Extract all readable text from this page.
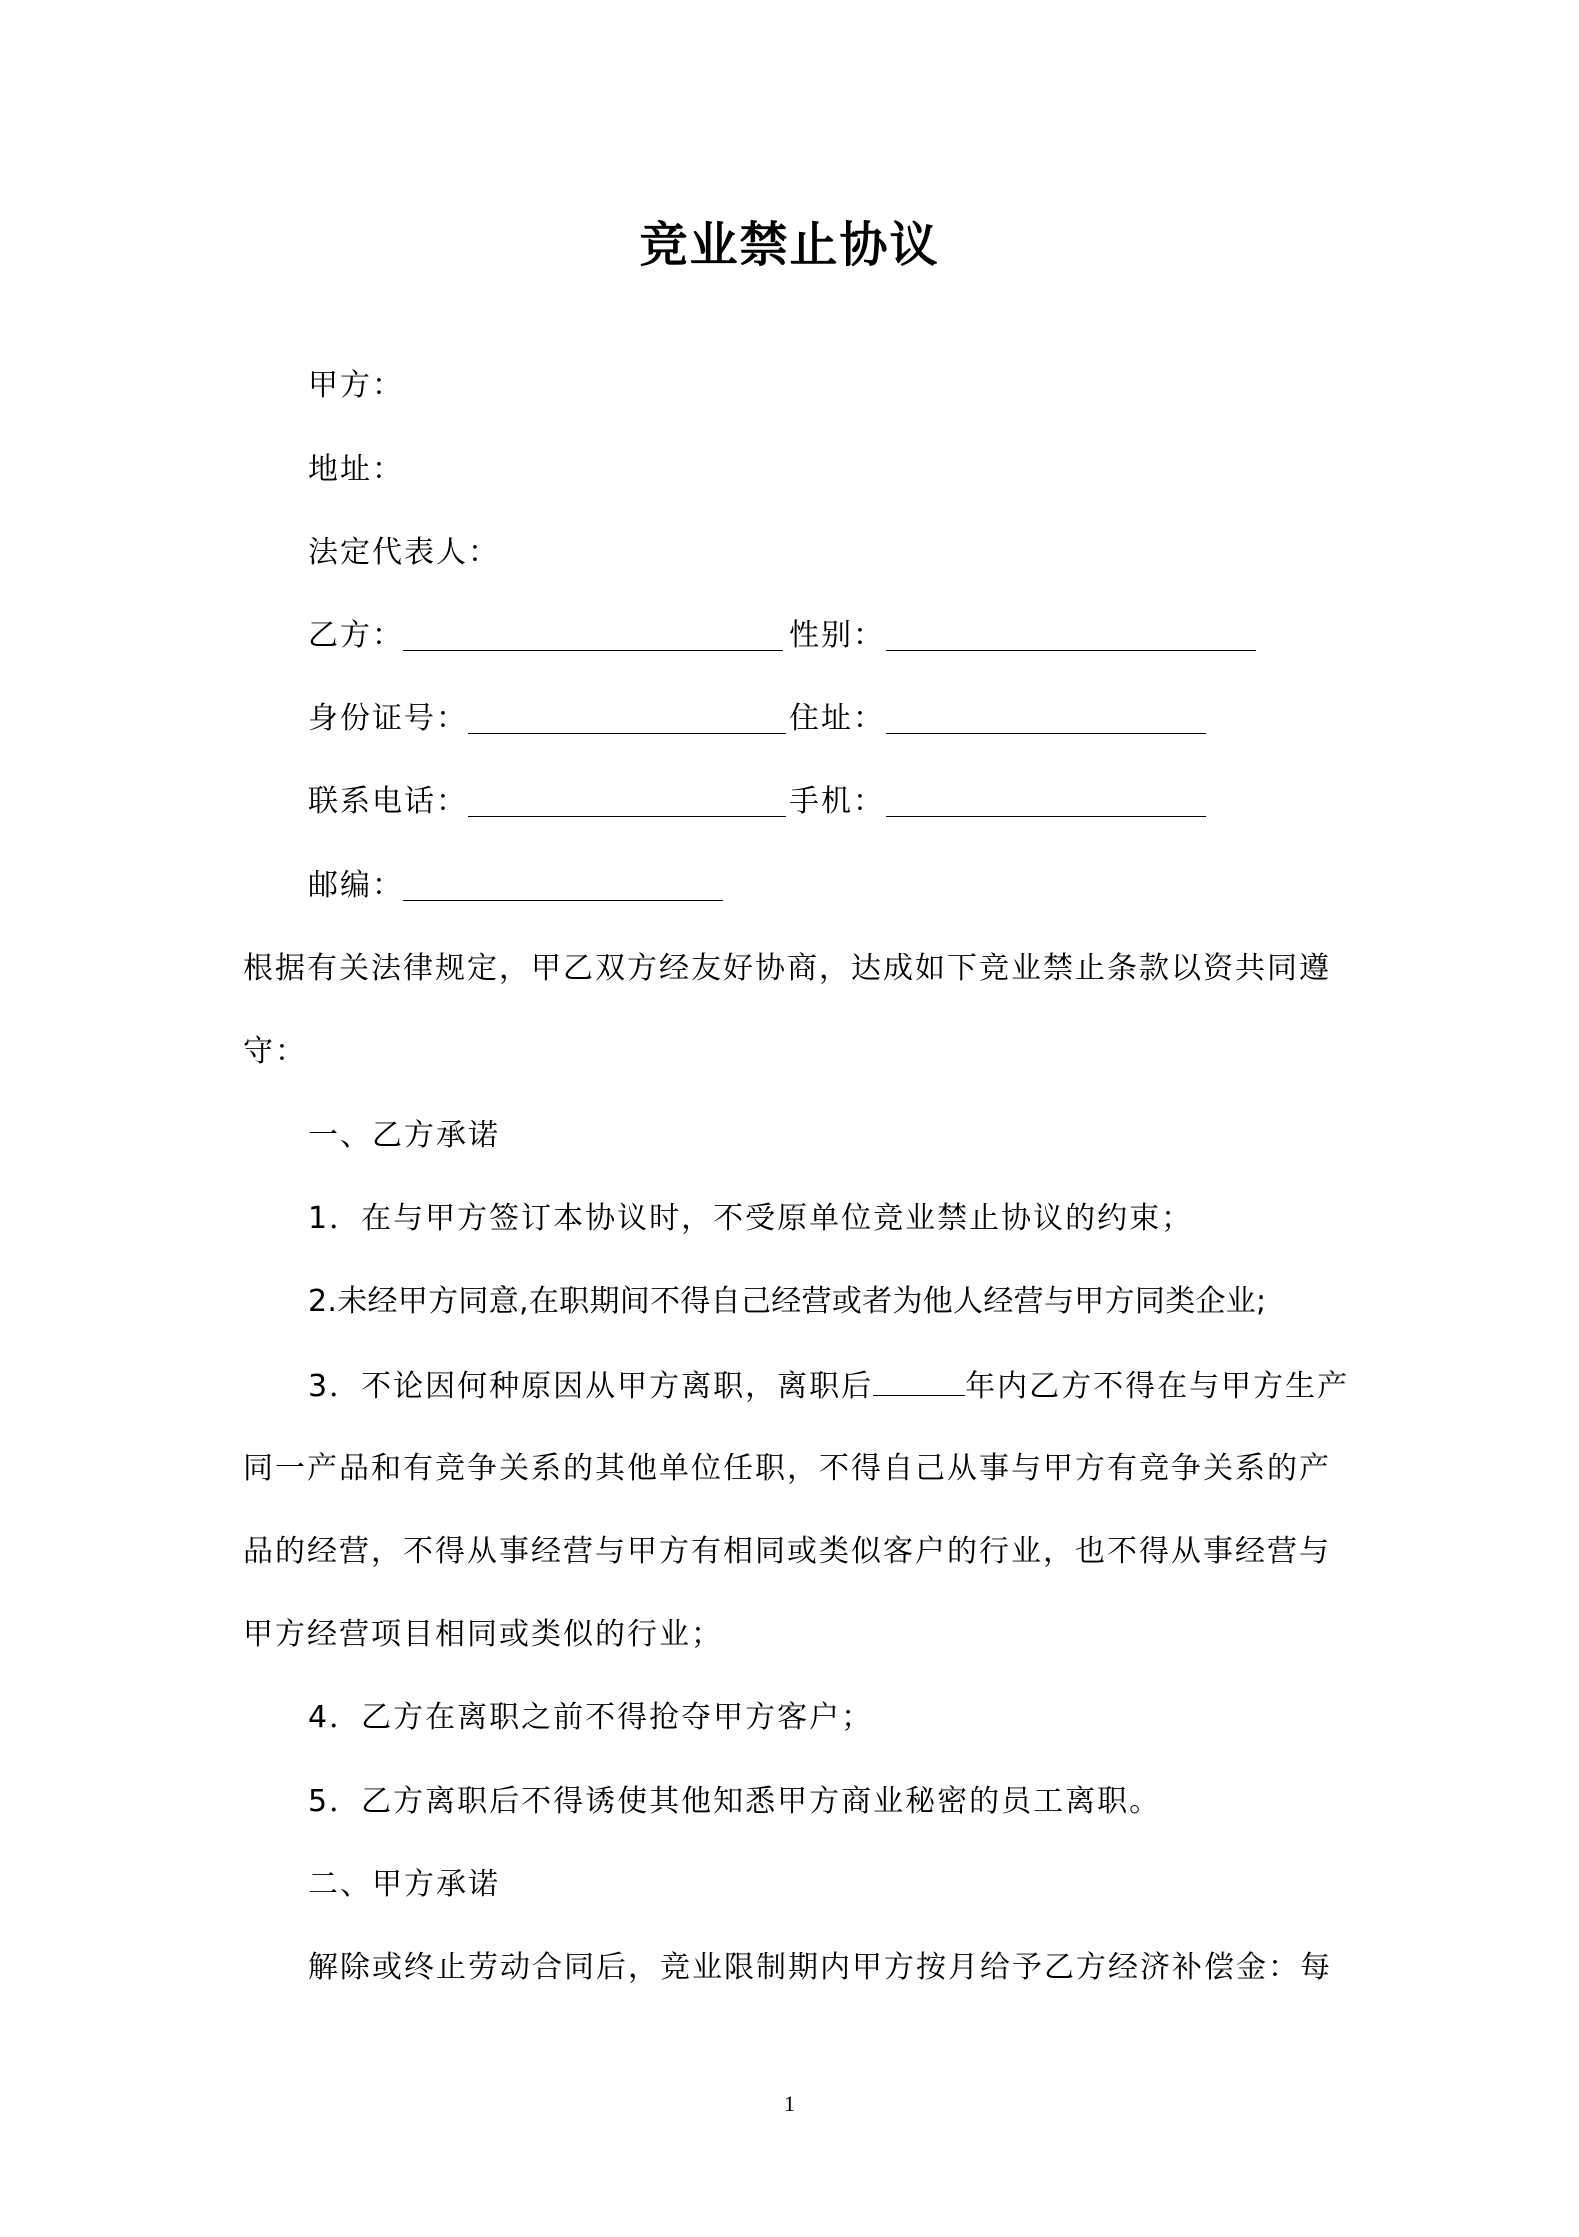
竞业禁止协议
甲方：
地址：
法定代表人：
乙方：	性别：
身份证号：	住址：
联系电话：	手机：
邮编：
根据有关法律规定，甲乙双方经友好协商，达成如下竞业禁止条款以资共同遵
守：
一、乙方承诺
1．在与甲方签订本协议时，不受原单位竞业禁止协议的约束；
2.未经甲方同意,在职期间不得自己经营或者为他人经营与甲方同类企业;
3．不论因何种原因从甲方离职，离职后	年内乙方不得在与甲方生产
同一产品和有竞争关系的其他单位任职，不得自己从事与甲方有竞争关系的产
品的经营，不得从事经营与甲方有相同或类似客户的行业，也不得从事经营与
甲方经营项目相同或类似的行业；
4．乙方在离职之前不得抢夺甲方客户；
5．乙方离职后不得诱使其他知悉甲方商业秘密的员工离职。
二、甲方承诺
解除或终止劳动合同后，竞业限制期内甲方按月给予乙方经济补偿金：每
1
